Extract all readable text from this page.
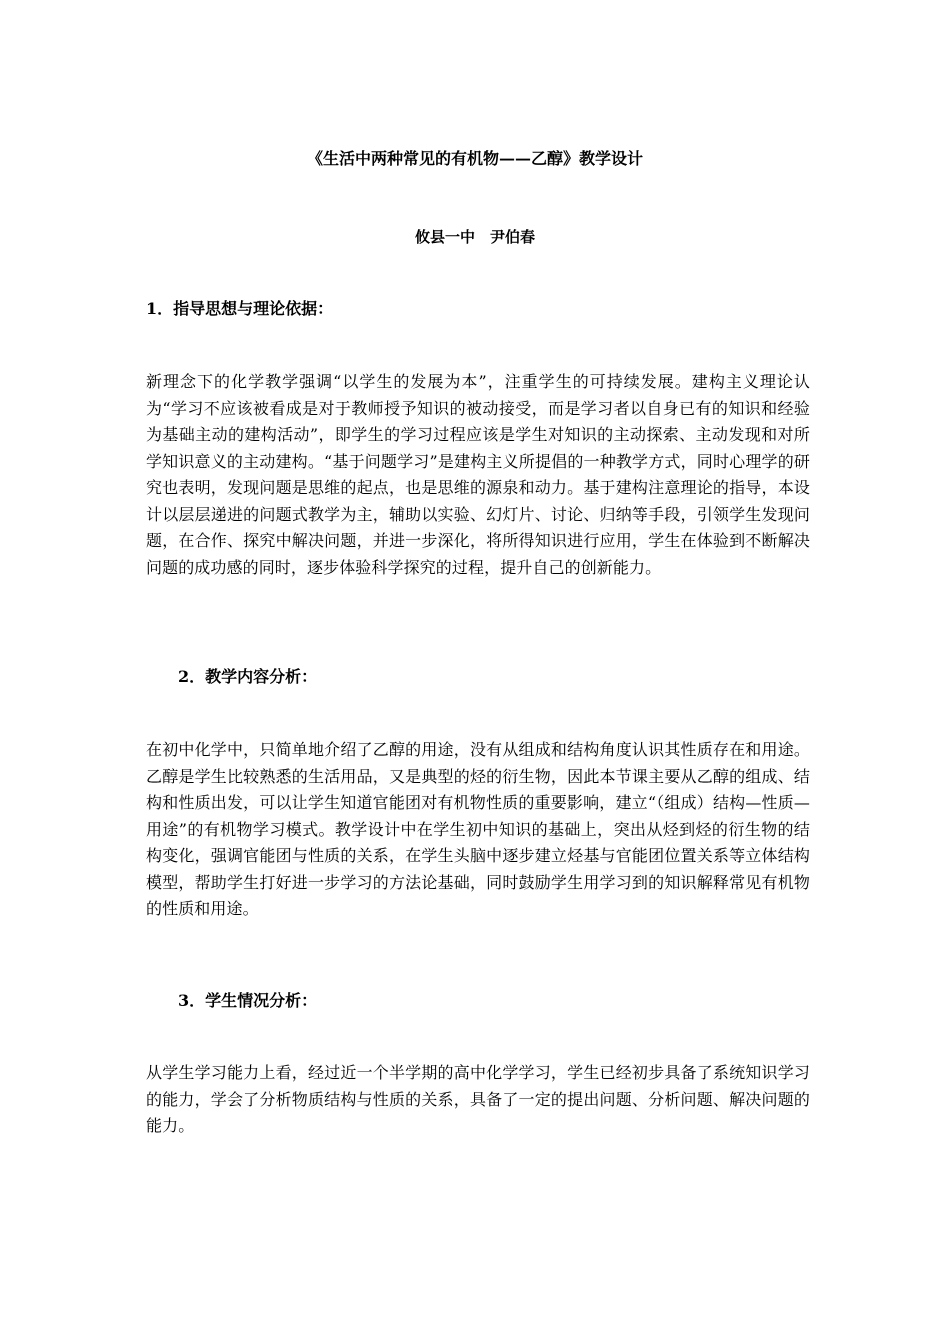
《生活中两种常见的有机物——乙醇》教学设计
攸县一中　尹伯春
1．指导思想与理论依据：

新理念下的化学教学强调“以学生的发展为本”，注重学生的可持续发展。建构主义理论认为“学习不应该被看成是对于教师授予知识的被动接受，而是学习者以自身已有的知识和经验为基础主动的建构活动”，即学生的学习过程应该是学生对知识的主动探索、主动发现和对所学知识意义的主动建构。“基于问题学习”是建构主义所提倡的一种教学方式，同时心理学的研究也表明，发现问题是思维的起点，也是思维的源泉和动力。基于建构注意理论的指导，本设计以层层递进的问题式教学为主，辅助以实验、幻灯片、讨论、归纳等手段，引领学生发现问题，在合作、探究中解决问题，并进一步深化，将所得知识进行应用，学生在体验到不断解决问题的成功感的同时，逐步体验科学探究的过程，提升自己的创新能力。

2．教学内容分析：

在初中化学中，只简单地介绍了乙醇的用途，没有从组成和结构角度认识其性质存在和用途。乙醇是学生比较熟悉的生活用品，又是典型的烃的衍生物，因此本节课主要从乙醇的组成、结构和性质出发，可以让学生知道官能团对有机物性质的重要影响，建立“（组成）结构—性质—用途”的有机物学习模式。教学设计中在学生初中知识的基础上，突出从烃到烃的衍生物的结构变化，强调官能团与性质的关系，在学生头脑中逐步建立烃基与官能团位置关系等立体结构模型，帮助学生打好进一步学习的方法论基础，同时鼓励学生用学习到的知识解释常见有机物的性质和用途。

3．学生情况分析：

从学生学习能力上看，经过近一个半学期的高中化学学习，学生已经初步具备了系统知识学习的能力，学会了分析物质结构与性质的关系，具备了一定的提出问题、分析问题、解决问题的能力。
